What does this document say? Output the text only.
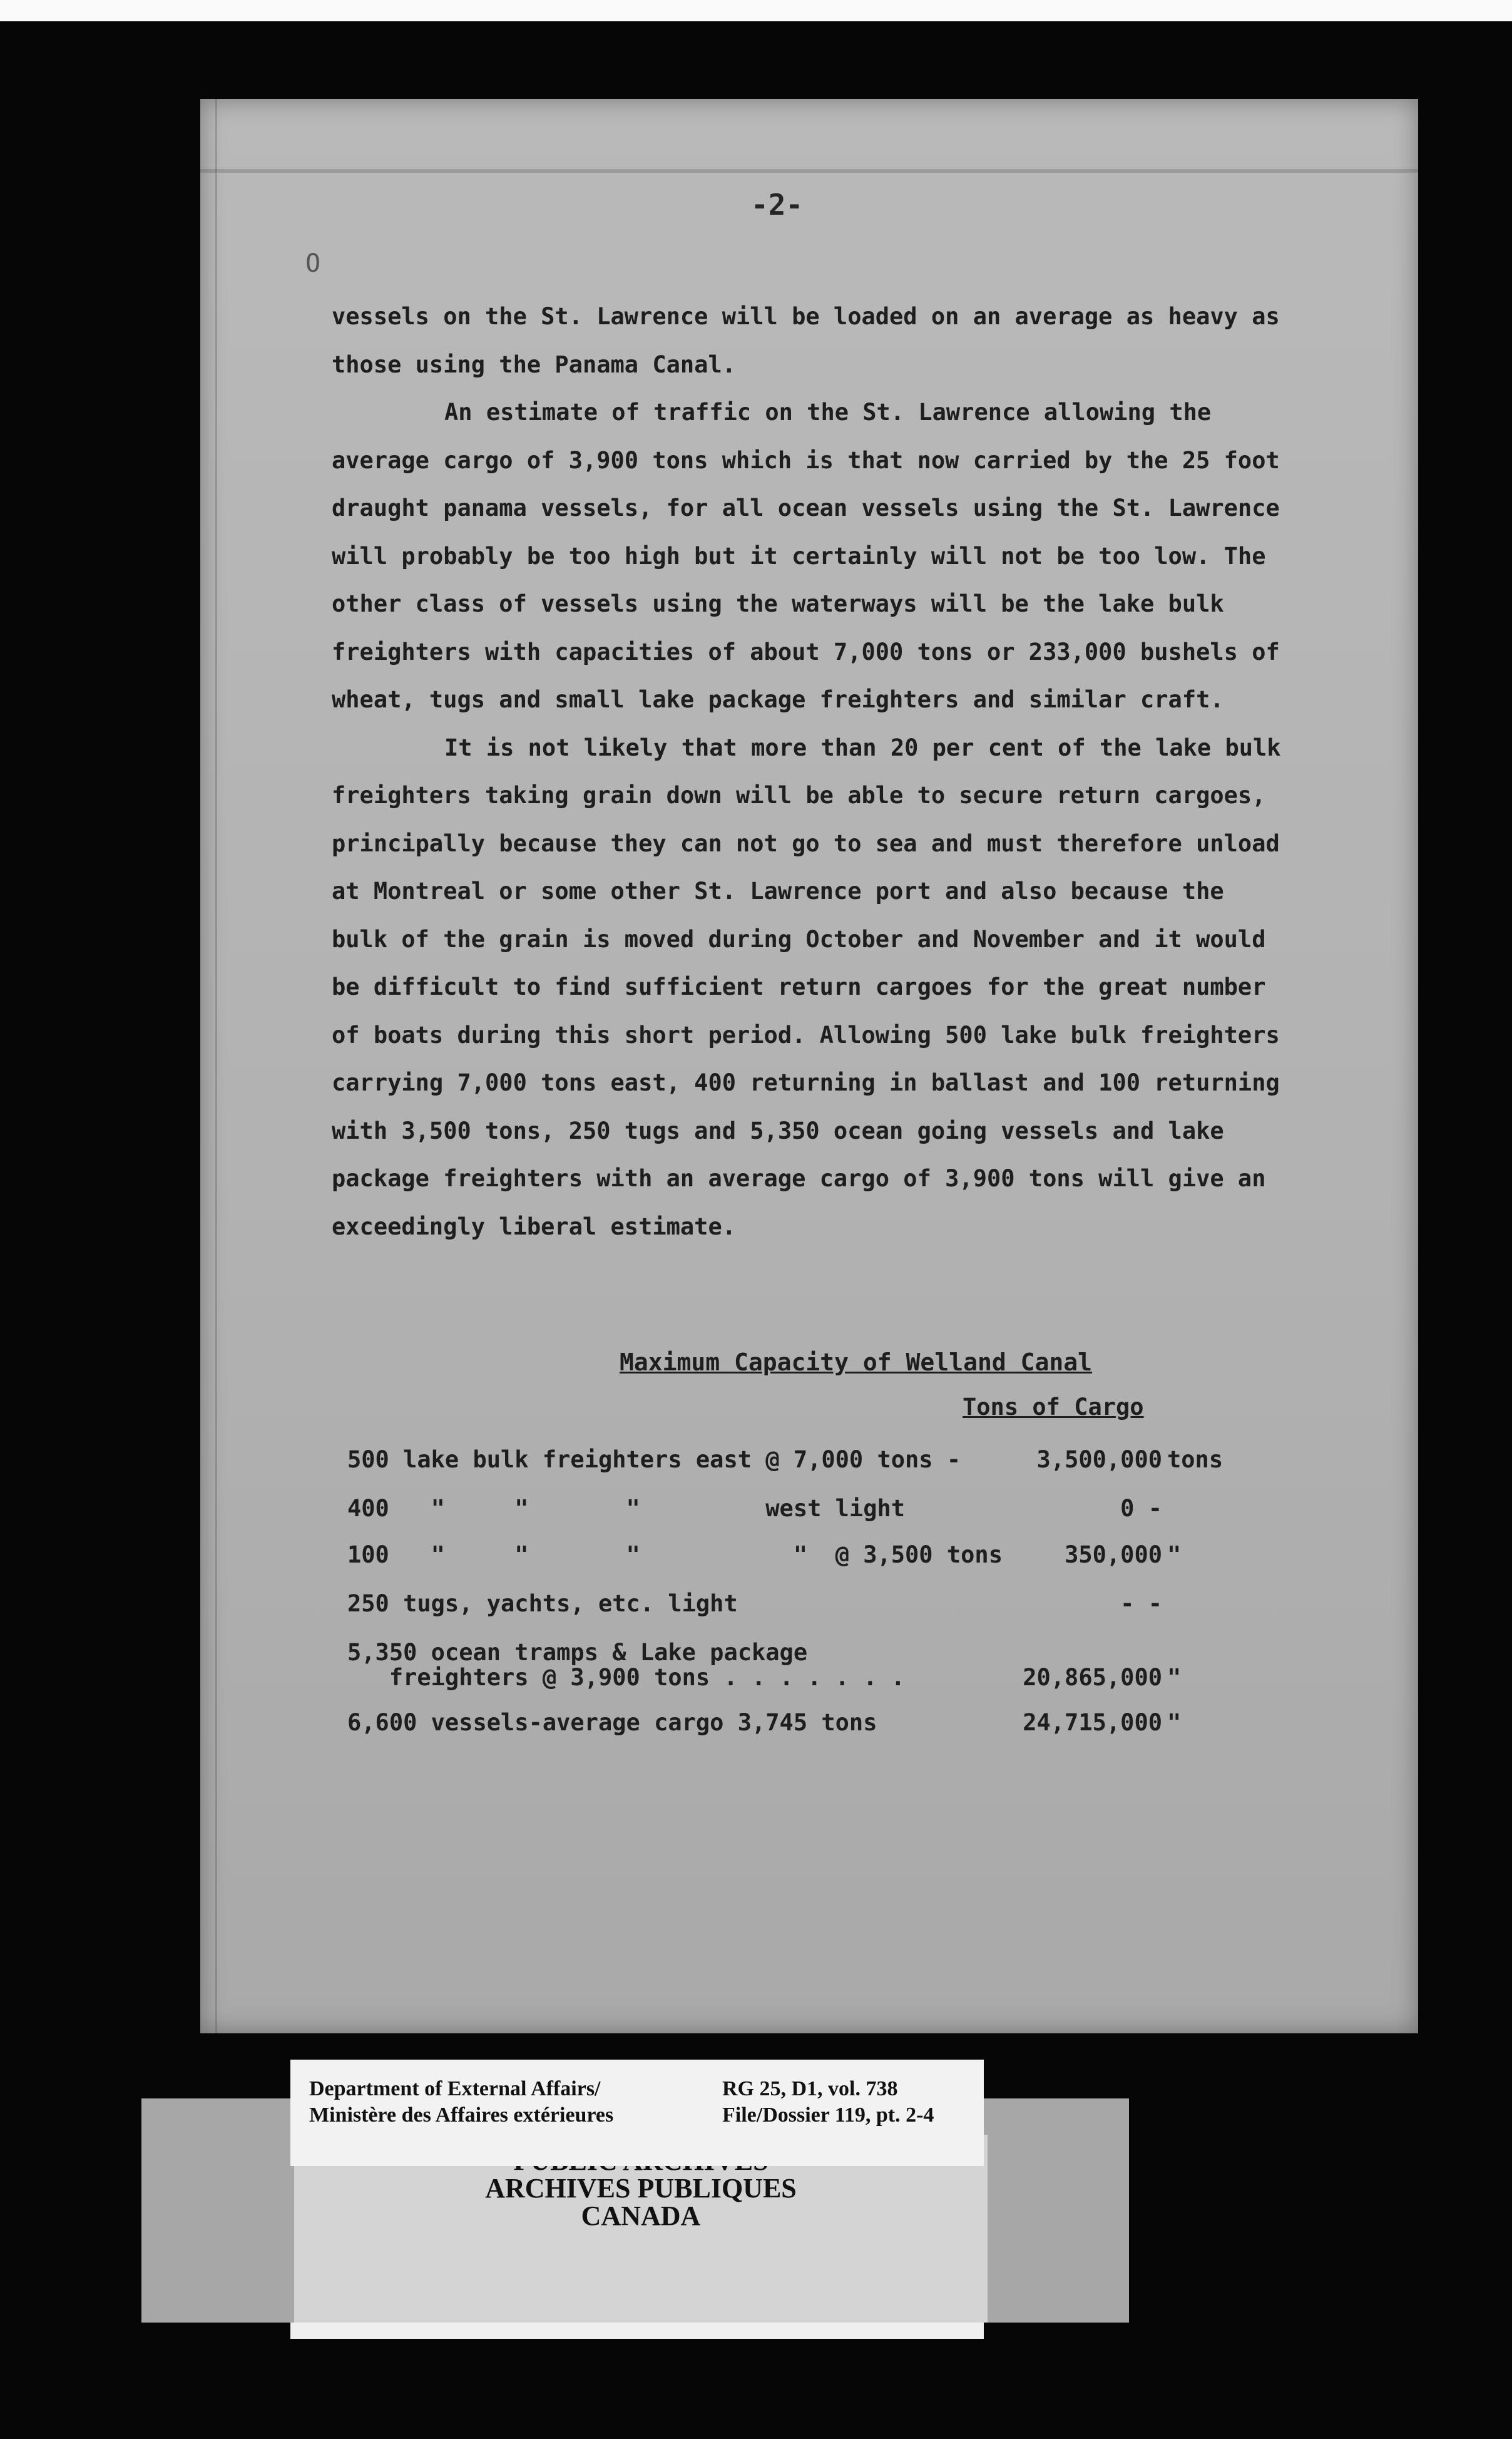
-2-
O

vessels on the St. Lawrence will be loaded on an average as heavy as those using the Panama Canal.

An estimate of traffic on the St. Lawrence allowing the average cargo of 3,900 tons which is that now carried by the 25 foot draught panama vessels, for all ocean vessels using the St. Lawrence will probably be too high but it certainly will not be too low. The other class of vessels using the waterways will be the lake bulk freighters with capacities of about 7,000 tons or 233,000 bushels of wheat, tugs and small lake package freighters and similar craft.

It is not likely that more than 20 per cent of the lake bulk freighters taking grain down will be able to secure return cargoes, principally because they can not go to sea and must therefore unload at Montreal or some other St. Lawrence port and also because the bulk of the grain is moved during October and November and it would be difficult to find sufficient return cargoes for the great number of boats during this short period. Allowing 500 lake bulk freighters carrying 7,000 tons east, 400 returning in ballast and 100 returning with 3,500 tons, 250 tugs and 5,350 ocean going vessels and lake package freighters with an average cargo of 3,900 tons will give an exceedingly liberal estimate.

Maximum Capacity of Welland Canal
Tons of Cargo
500 lake bulk freighters east @ 7,000 tons -	3,500,000 tons
400   "     "       "         west light	0 -
100   "     "       "           "  @ 3,500 tons	350,000 "
250 tugs, yachts, etc. light	- -
5,350 ocean tramps & Lake package
freighters @ 3,900 tons . . . . . . .	20,865,000 "
6,600 vessels-average cargo 3,745 tons	24,715,000 "
ARCHIVES PUBLIQUES
CANADA
Department of External Affairs/
Ministère des Affaires extérieures
RG 25, D1, vol. 738
File/Dossier 119, pt. 2-4
